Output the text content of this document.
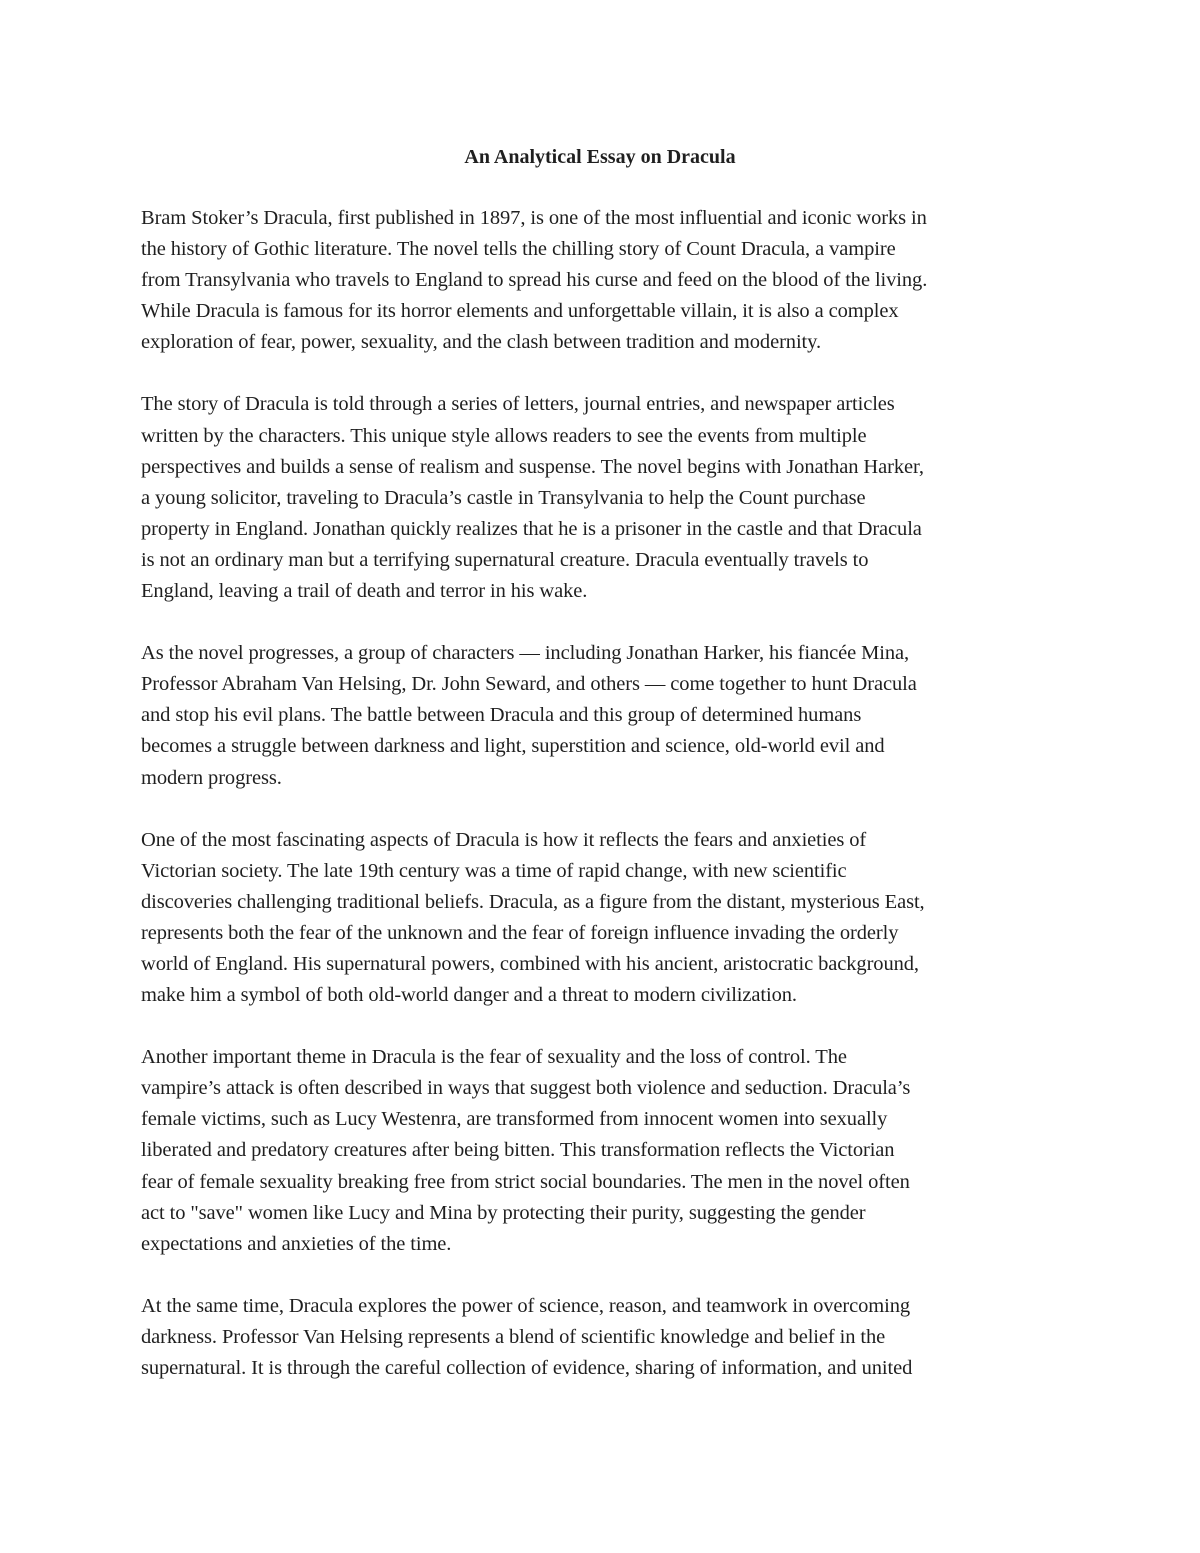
An Analytical Essay on Dracula

Bram Stoker’s Dracula, first published in 1897, is one of the most influential and iconic works in
the history of Gothic literature. The novel tells the chilling story of Count Dracula, a vampire
from Transylvania who travels to England to spread his curse and feed on the blood of the living.
While Dracula is famous for its horror elements and unforgettable villain, it is also a complex
exploration of fear, power, sexuality, and the clash between tradition and modernity.

The story of Dracula is told through a series of letters, journal entries, and newspaper articles
written by the characters. This unique style allows readers to see the events from multiple
perspectives and builds a sense of realism and suspense. The novel begins with Jonathan Harker,
a young solicitor, traveling to Dracula’s castle in Transylvania to help the Count purchase
property in England. Jonathan quickly realizes that he is a prisoner in the castle and that Dracula
is not an ordinary man but a terrifying supernatural creature. Dracula eventually travels to
England, leaving a trail of death and terror in his wake.

As the novel progresses, a group of characters — including Jonathan Harker, his fiancée Mina,
Professor Abraham Van Helsing, Dr. John Seward, and others — come together to hunt Dracula
and stop his evil plans. The battle between Dracula and this group of determined humans
becomes a struggle between darkness and light, superstition and science, old-world evil and
modern progress.

One of the most fascinating aspects of Dracula is how it reflects the fears and anxieties of
Victorian society. The late 19th century was a time of rapid change, with new scientific
discoveries challenging traditional beliefs. Dracula, as a figure from the distant, mysterious East,
represents both the fear of the unknown and the fear of foreign influence invading the orderly
world of England. His supernatural powers, combined with his ancient, aristocratic background,
make him a symbol of both old-world danger and a threat to modern civilization.

Another important theme in Dracula is the fear of sexuality and the loss of control. The
vampire’s attack is often described in ways that suggest both violence and seduction. Dracula’s
female victims, such as Lucy Westenra, are transformed from innocent women into sexually
liberated and predatory creatures after being bitten. This transformation reflects the Victorian
fear of female sexuality breaking free from strict social boundaries. The men in the novel often
act to "save" women like Lucy and Mina by protecting their purity, suggesting the gender
expectations and anxieties of the time.

At the same time, Dracula explores the power of science, reason, and teamwork in overcoming
darkness. Professor Van Helsing represents a blend of scientific knowledge and belief in the
supernatural. It is through the careful collection of evidence, sharing of information, and united
